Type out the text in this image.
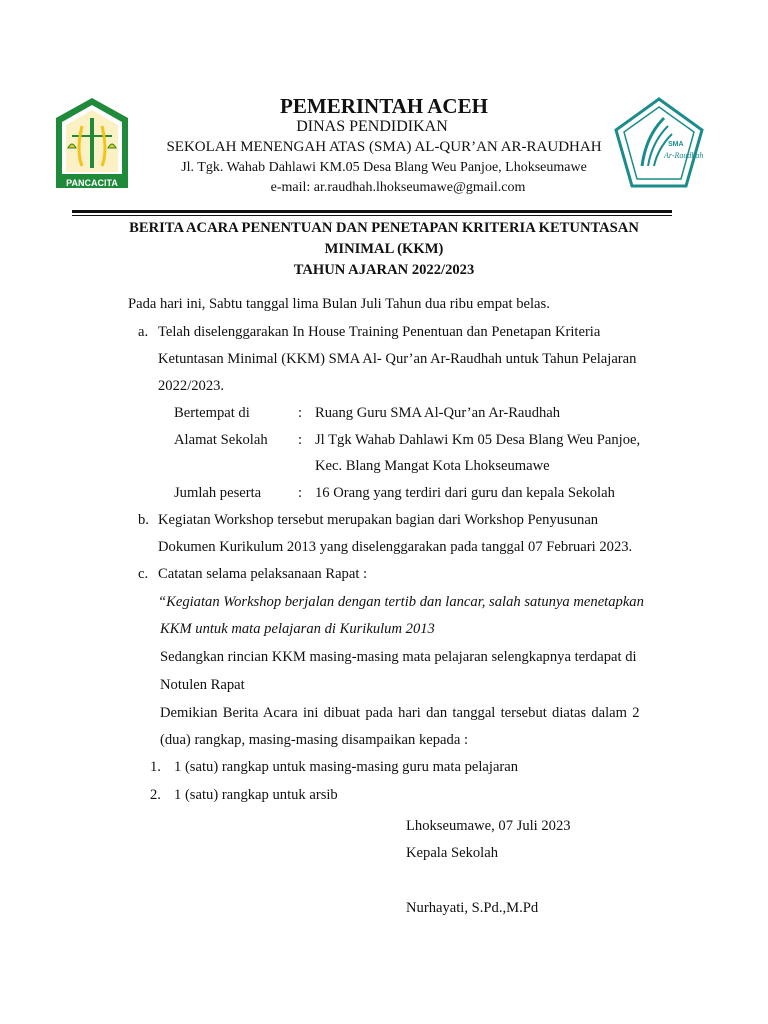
PANCACITA
SMA
Ar-Raudhah
PEMERINTAH ACEH
DINAS PENDIDIKAN
SEKOLAH MENENGAH ATAS (SMA) AL-QUR’AN AR-RAUDHAH
Jl. Tgk. Wahab Dahlawi KM.05 Desa Blang Weu Panjoe, Lhokseumawe
e-mail: ar.raudhah.lhokseumawe@gmail.com
BERITA ACARA PENENTUAN DAN PENETAPAN KRITERIA KETUNTASAN
MINIMAL (KKM)
TAHUN AJARAN 2022/2023
Pada hari ini, Sabtu tanggal lima Bulan Juli Tahun dua ribu empat belas.
a. Telah diselenggarakan In House Training Penentuan dan Penetapan Kriteria
Ketuntasan Minimal (KKM) SMA Al- Qur’an Ar-Raudhah untuk Tahun Pelajaran
2022/2023.
Bertempat di	: Ruang Guru SMA Al-Qur’an Ar-Raudhah
Alamat Sekolah : Jl Tgk Wahab Dahlawi Km 05 Desa Blang Weu Panjoe,
Kec. Blang Mangat Kota Lhokseumawe
Jumlah peserta	: 16 Orang yang terdiri dari guru dan kepala Sekolah
b. Kegiatan Workshop tersebut merupakan bagian dari Workshop Penyusunan
Dokumen Kurikulum 2013 yang diselenggarakan pada tanggal 07 Februari 2023.
c. Catatan selama pelaksanaan Rapat :
“Kegiatan Workshop berjalan dengan tertib dan lancar, salah satunya menetapkan
KKM untuk mata pelajaran di Kurikulum 2013
Sedangkan rincian KKM masing-masing mata pelajaran selengkapnya terdapat di
Notulen Rapat
Demikian Berita Acara ini dibuat pada hari dan tanggal tersebut diatas dalam 2
(dua) rangkap, masing-masing disampaikan kepada :
1. 1 (satu) rangkap untuk masing-masing guru mata pelajaran
2. 1 (satu) rangkap untuk arsib
Lhokseumawe, 07 Juli 2023
Kepala Sekolah
Nurhayati, S.Pd.,M.Pd
